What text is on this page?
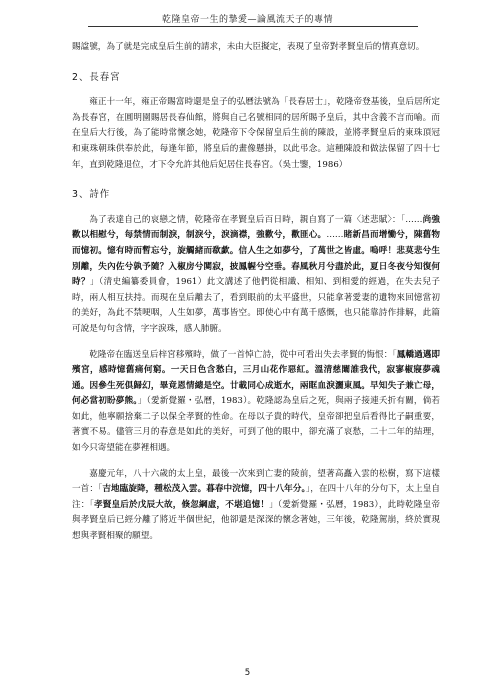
乾隆皇帝一生的摯愛—論風流天子的專情

賜諡號，為了就是完成皇后生前的請求，未由大臣擬定，表現了皇帝對孝賢皇后的情真意切。

2、長春宮

雍正十一年，雍正帝賜富時還是皇子的弘曆法號為「長春居士」，乾隆帝登基後，皇后居所定為長春宮，在圓明園賜居長春仙館，將與自己名號相同的居所賜予皇后，其中含義不言而喻。而在皇后大行後，為了能時常懷念她，乾隆帝下令保留皇后生前的陳設，並將孝賢皇后的東珠頂冠和東珠朝珠供奉於此，每逢年節，將皇后的畫像懸掛，以此弔念。這種陳設和做法保留了四十七年，直到乾隆退位，才下令允許其他后妃居住長春宮。（吳士鑒，1986）

3、詩作

為了表達自己的哀戀之情，乾隆帝在孝賢皇后百日時，親自寫了一篇〈述悲賦〉：「……尚強歡以相慰兮，每禁情而制淚，制淚兮，淚滴襟，強歡兮，歡匪心。……睹新昌而增慟兮，陳舊物而憶初。憶有時而暫忘兮，旋觸緒而欷歔。信人生之如夢兮，了萬世之皆虛。嗚呼！悲莫悲兮生別離，失內佐兮孰予隨？入椒房兮闃寂，披鳳幄兮空垂。春風秋月兮盡於此，夏日冬夜兮知復何時？」（清史編纂委員會，1961）此文講述了他們從相識、相知、到相愛的經過，在失去兒子時，兩人相互扶持。而現在皇后離去了，看到眼前的太平盛世，只能拿著愛妻的遺物來回憶當初的美好，為此不禁哽咽，人生如夢，萬事皆空。即使心中有萬千感慨，也只能靠詩作排解，此篇可說是句句含情，字字淚珠，感人肺腑。

乾隆帝在臨送皇后梓宮移殯時，做了一首悼亡詩，從中可看出失去孝賢的悔恨：「鳳轎過邁即殯宮，感時憶舊痛何窮。一天日色含愁白，三月山花作惡紅。溫清慈闈誰我代，寂寥椒寢夢魂通。因參生死俱歸幻，畢竟恩情總是空。廿載同心成逝水，兩眶血淚灑東風。早知失子兼亡母，何必當初盼夢熊。」（愛新覺羅・弘曆，1983）。乾隆認為皇后之死，與兩子接連夭折有關，倘若如此，他寧願捨棄二子以保全孝賢的性命。在母以子貴的時代，皇帝卻把皇后看得比子嗣重要，著實不易。儘管三月的春意是如此的美好，可到了他的眼中，卻充滿了哀愁，二十二年的結理，如今只寄望能在夢裡相遇。

嘉慶元年，八十六歲的太上皇，最後一次來到亡妻的陵前，望著高矗入雲的松樹，寫下這樣一首：「吉地臨旋降，種松茂入雲。暮春中浣憶，四十八年分。」，在四十八年的分句下，太上皇自注：「孝賢皇后於戊辰大故，倏忽綱虛，不堪追憶！」（愛新覺羅・弘曆，1983），此時乾隆皇帝與孝賢皇后已經分離了將近半個世紀，他卻還是深深的懷念著她，三年後，乾隆駕崩，終於實現想與孝賢相聚的願望。

5
